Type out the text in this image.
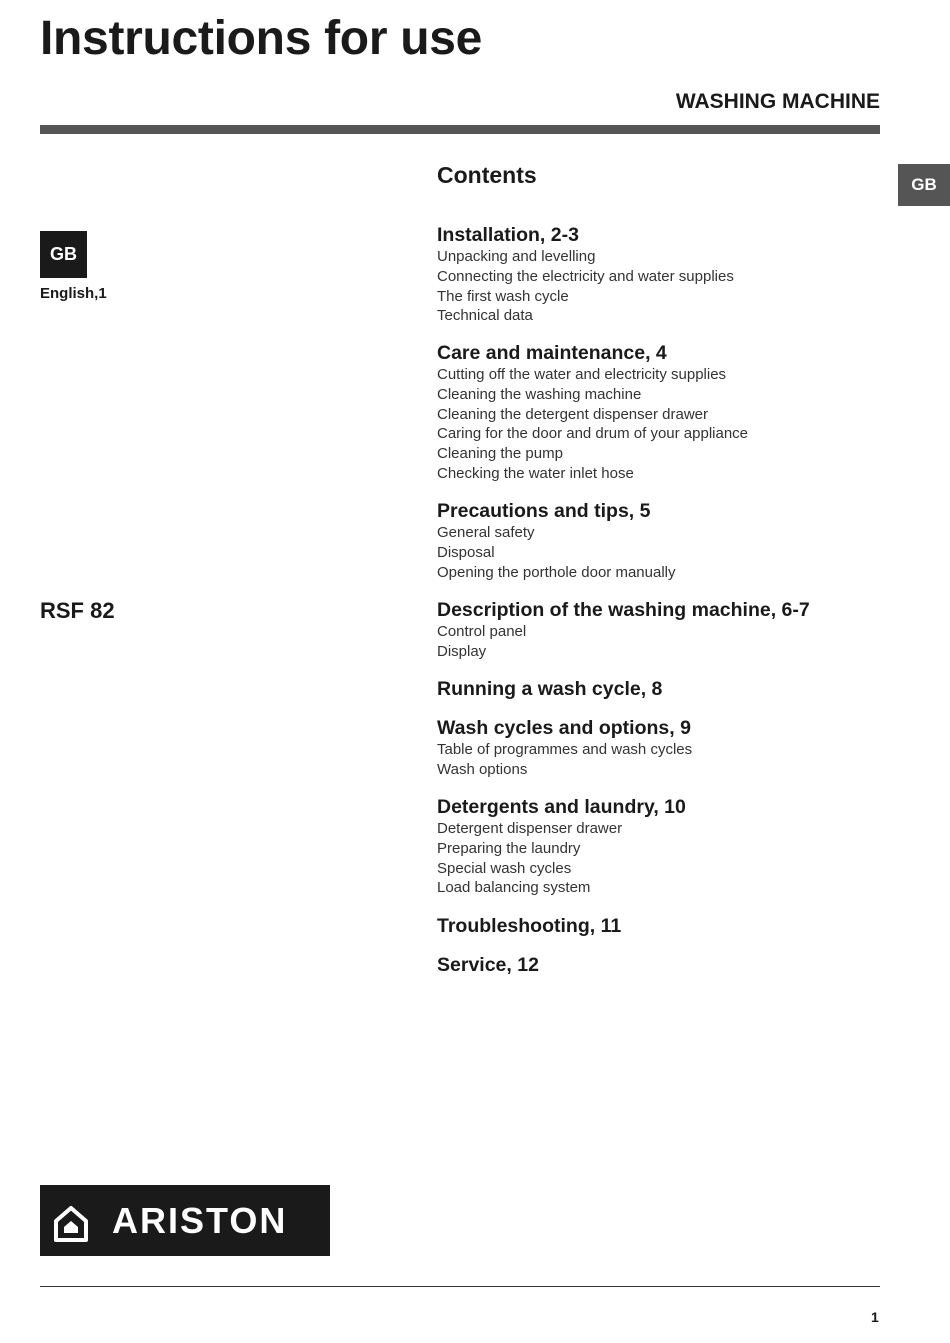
Instructions for use
WASHING MACHINE
GB
Contents
GB
English,1
RSF 82
Installation, 2-3
Unpacking and levelling
Connecting the electricity and water supplies
The first wash cycle
Technical data
Care and maintenance, 4
Cutting off the water and electricity supplies
Cleaning the washing machine
Cleaning the detergent dispenser drawer
Caring for the door and drum of your appliance
Cleaning the pump
Checking the water inlet hose
Precautions and tips, 5
General safety
Disposal
Opening the porthole door manually
Description of the washing machine, 6-7
Control panel
Display
Running a wash cycle, 8
Wash cycles and options, 9
Table of programmes and wash cycles
Wash options
Detergents and laundry, 10
Detergent dispenser drawer
Preparing the laundry
Special wash cycles
Load balancing system
Troubleshooting, 11
Service, 12
ARISTON
1
